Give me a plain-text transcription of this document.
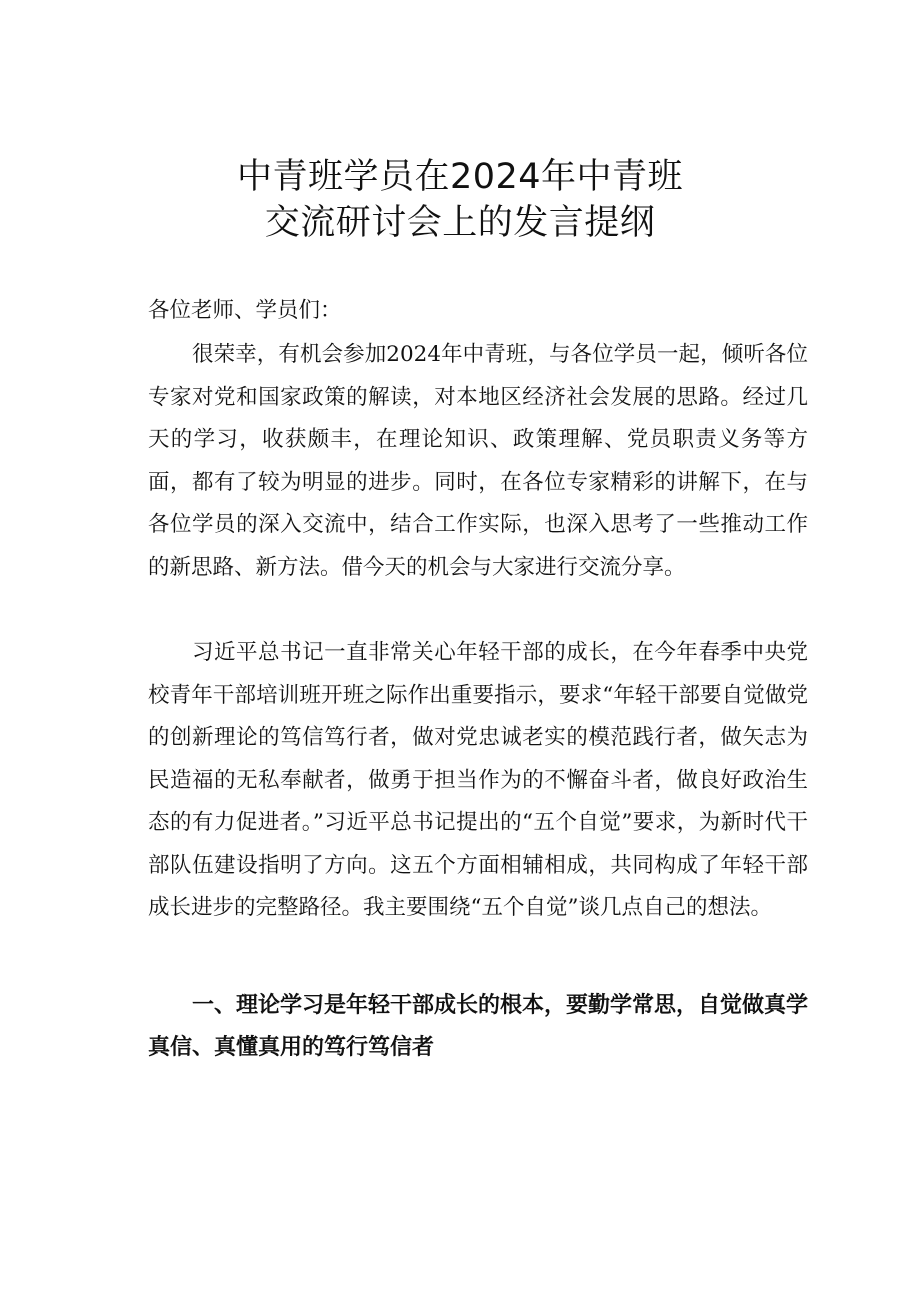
中青班学员在2024年中青班
交流研讨会上的发言提纲

各位老师、学员们：

很荣幸，有机会参加2024年中青班，与各位学员一起，倾听各位专家对党和国家政策的解读，对本地区经济社会发展的思路。经过几天的学习，收获颇丰，在理论知识、政策理解、党员职责义务等方面，都有了较为明显的进步。同时，在各位专家精彩的讲解下，在与各位学员的深入交流中，结合工作实际，也深入思考了一些推动工作的新思路、新方法。借今天的机会与大家进行交流分享。

习近平总书记一直非常关心年轻干部的成长，在今年春季中央党校青年干部培训班开班之际作出重要指示，要求“年轻干部要自觉做党的创新理论的笃信笃行者，做对党忠诚老实的模范践行者，做矢志为民造福的无私奉献者，做勇于担当作为的不懈奋斗者，做良好政治生态的有力促进者。”习近平总书记提出的“五个自觉”要求，为新时代干部队伍建设指明了方向。这五个方面相辅相成，共同构成了年轻干部成长进步的完整路径。我主要围绕“五个自觉”谈几点自己的想法。

一、理论学习是年轻干部成长的根本，要勤学常思，自觉做真学真信、真懂真用的笃行笃信者
